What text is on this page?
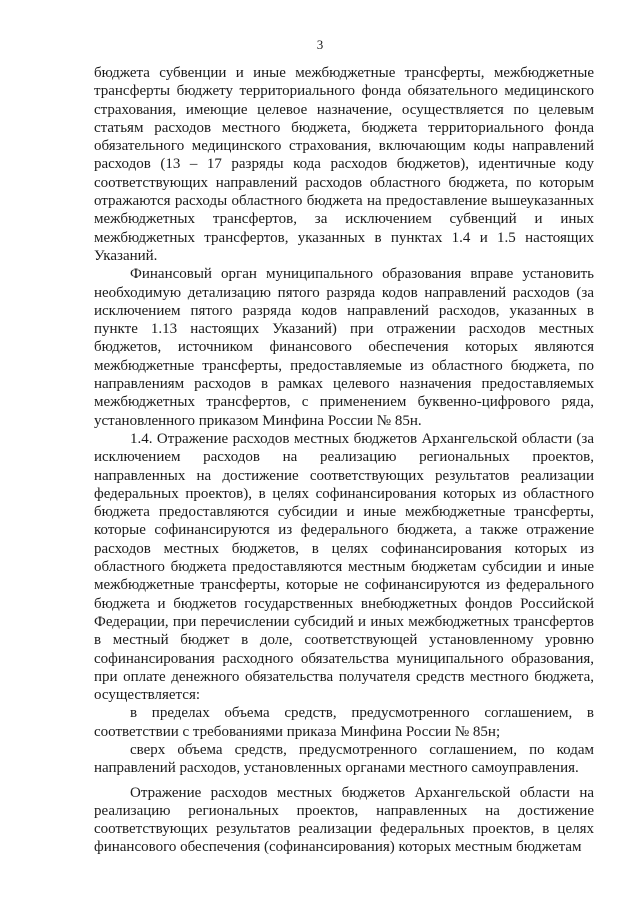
3

бюджета субвенции и иные межбюджетные трансферты, межбюджетные трансферты бюджету территориального фонда обязательного медицинского страхования, имеющие целевое назначение, осуществляется по целевым статьям расходов местного бюджета, бюджета территориального фонда обязательного медицинского страхования, включающим коды направлений расходов (13 – 17 разряды кода расходов бюджетов), идентичные коду соответствующих направлений расходов областного бюджета, по которым отражаются расходы областного бюджета на предоставление вышеуказанных межбюджетных трансфертов, за исключением субвенций и иных межбюджетных трансфертов, указанных в пунктах 1.4 и 1.5 настоящих Указаний.

Финансовый орган муниципального образования вправе установить необходимую детализацию пятого разряда кодов направлений расходов (за исключением пятого разряда кодов направлений расходов, указанных в пункте 1.13 настоящих Указаний) при отражении расходов местных бюджетов, источником финансового обеспечения которых являются межбюджетные трансферты, предоставляемые из областного бюджета, по направлениям расходов в рамках целевого назначения предоставляемых межбюджетных трансфертов, с применением буквенно-цифрового ряда, установленного приказом Минфина России № 85н.

1.4. Отражение расходов местных бюджетов Архангельской области (за исключением расходов на реализацию региональных проектов, направленных на достижение соответствующих результатов реализации федеральных проектов), в целях софинансирования которых из областного бюджета предоставляются субсидии и иные межбюджетные трансферты, которые софинансируются из федерального бюджета, а также отражение расходов местных бюджетов, в целях софинансирования которых из областного бюджета предоставляются местным бюджетам субсидии и иные межбюджетные трансферты, которые не софинансируются из федерального бюджета и бюджетов государственных внебюджетных фондов Российской Федерации, при перечислении субсидий и иных межбюджетных трансфертов в местный бюджет в доле, соответствующей установленному уровню софинансирования расходного обязательства муниципального образования, при оплате денежного обязательства получателя средств местного бюджета, осуществляется:

в пределах объема средств, предусмотренного соглашением, в соответствии с требованиями приказа Минфина России № 85н;

сверх объема средств, предусмотренного соглашением, по кодам направлений расходов, установленных органами местного самоуправления.

Отражение расходов местных бюджетов Архангельской области на реализацию региональных проектов, направленных на достижение соответствующих результатов реализации федеральных проектов, в целях финансового обеспечения (софинансирования) которых местным бюджетам
